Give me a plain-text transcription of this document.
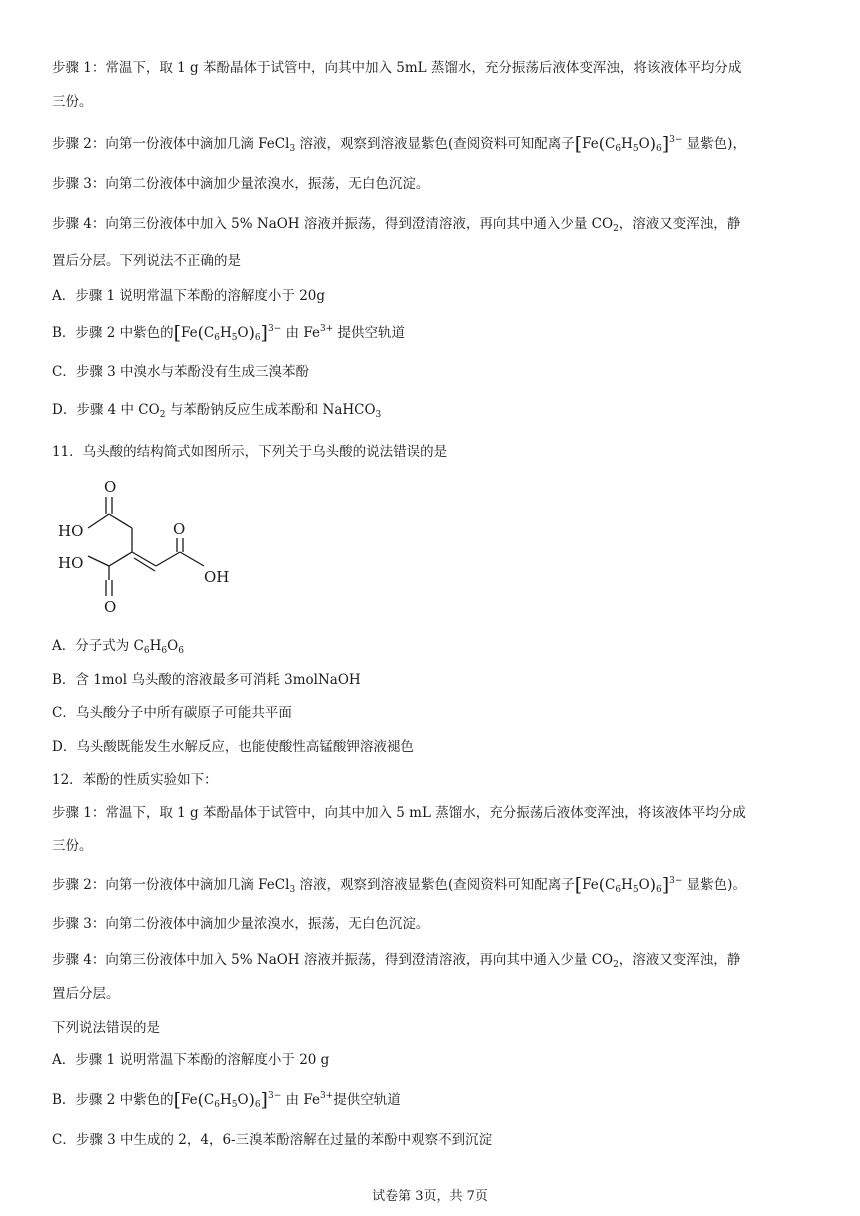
步骤 1：常温下，取 1 g 苯酚晶体于试管中，向其中加入 5mL 蒸馏水，充分振荡后液体变浑浊，将该液体平均分成
三份。
步骤 2：向第一份液体中滴加几滴 FeCl$_3$ 溶液，观察到溶液显紫色(查阅资料可知配离子$[Fe(C_6H_5O)_6]^{3-}$ 显紫色)，
步骤 3：向第二份液体中滴加少量浓溴水，振荡，无白色沉淀。
步骤 4：向第三份液体中加入 5% NaOH 溶液并振荡，得到澄清溶液，再向其中通入少量 $CO_2$，溶液又变浑浊，静
置后分层。下列说法不正确的是
A．步骤 1 说明常温下苯酚的溶解度小于 20g
B．步骤 2 中紫色的$[Fe(C_6H_5O)_6]^{3-}$ 由 $Fe^{3+}$ 提供空轨道
C．步骤 3 中溴水与苯酚没有生成三溴苯酚
D．步骤 4 中 $CO_2$ 与苯酚钠反应生成苯酚和 NaHCO$_3$
11．乌头酸的结构简式如图所示，下列关于乌头酸的说法错误的是
O
HO	O
OH
HO
O
A．分子式为 $C_6H_6O_6$
B．含 1mol 乌头酸的溶液最多可消耗 3molNaOH
C．乌头酸分子中所有碳原子可能共平面
D．乌头酸既能发生水解反应，也能使酸性高锰酸钾溶液褪色
12．苯酚的性质实验如下：
步骤 1：常温下，取 1 g 苯酚晶体于试管中，向其中加入 5 mL 蒸馏水，充分振荡后液体变浑浊，将该液体平均分成
三份。
步骤 2：向第一份液体中滴加几滴 FeCl$_3$ 溶液，观察到溶液显紫色(查阅资料可知配离子$[Fe(C_6H_5O)_6]^{3-}$ 显紫色)。
步骤 3：向第二份液体中滴加少量浓溴水，振荡，无白色沉淀。
步骤 4：向第三份液体中加入 5% NaOH 溶液并振荡，得到澄清溶液，再向其中通入少量 $CO_2$，溶液又变浑浊，静
置后分层。
下列说法错误的是
A．步骤 1 说明常温下苯酚的溶解度小于 20 g
B．步骤 2 中紫色的$[Fe(C_6H_5O)_6]^{3-}$ 由 $Fe^{3+}$提供空轨道
C．步骤 3 中生成的 2，4，6-三溴苯酚溶解在过量的苯酚中观察不到沉淀
试卷第 3页，共 7页
